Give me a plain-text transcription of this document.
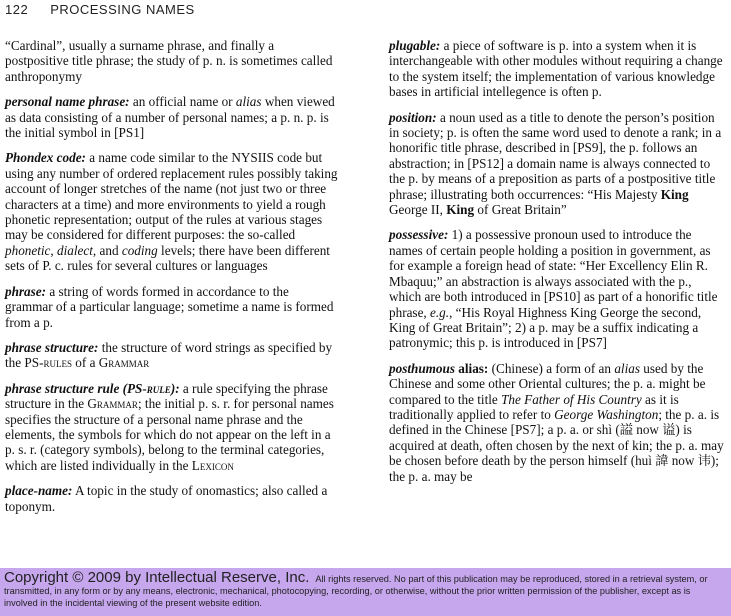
122 PROCESSING NAMES

“Cardinal”, usually a surname phrase, and finally a postpositive title phrase; the study of p. n. is sometimes called anthroponymy

personal name phrase: an official name or alias when viewed as data consisting of a number of personal names; a p. n. p. is the initial symbol in [PS1]

Phondex code: a name code similar to the NYSIIS code but using any number of ordered replacement rules possibly taking account of longer stretches of the name (not just two or three characters at a time) and more environments to yield a rough phonetic representation; output of the rules at various stages may be considered for different purposes: the so-called phonetic, dialect, and coding levels; there have been different sets of P. c. rules for several cultures or languages

phrase: a string of words formed in accordance to the grammar of a particular language; sometime a name is formed from a p.

phrase structure: the structure of word strings as specified by the PS-rules of a Grammar

phrase structure rule (PS-rule): a rule specifying the phrase structure in the Grammar; the initial p. s. r. for personal names specifies the structure of a personal name phrase and the elements, the symbols for which do not appear on the left in a p. s. r. (category symbols), belong to the terminal categories, which are listed individually in the Lexicon

place-name: A topic in the study of onomastics; also called a toponym.

plugable: a piece of software is p. into a system when it is interchangeable with other modules without requiring a change to the system itself; the implementation of various knowledge bases in artificial intellegence is often p.

position: a noun used as a title to denote the person’s position in society; p. is often the same word used to denote a rank; in a honorific title phrase, described in [PS9], the p. follows an abstraction; in [PS12] a domain name is always connected to the p. by means of a preposition as parts of a postpositive title phrase; illustrating both occurrences: “His Majesty King George II, King of Great Britain”

possessive: 1) a possessive pronoun used to introduce the names of certain people holding a position in government, as for example a foreign head of state: “Her Excellency Elin R. Mbaquu;” an abstraction is always associated with the p., which are both introduced in [PS10] as part of a honorific title phrase, e.g., “His Royal Highness King George the second, King of Great Britain”; 2) a p. may be a suffix indicating a patronymic; this p. is introduced in [PS7]

posthumous alias: (Chinese) a form of an alias used by the Chinese and some other Oriental cultures; the p. a. might be compared to the title The Father of His Country as it is traditionally applied to refer to George Washington; the p. a. is defined in the Chinese [PS7]; a p. a. or shì (謚 now 谥) is acquired at death, often chosen by the next of kin; the p. a. may be chosen before death by the person himself (huì 諱 now 讳); the p. a. may be

Copyright © 2009 by Intellectual Reserve, Inc. All rights reserved. No part of this publication may be reproduced, stored in a retrieval system, or transmitted, in any form or by any means, electronic, mechanical, photocopying, recording, or otherwise, without the prior written permission of the publisher, except as is involved in the incidental viewing of the present website edition.
